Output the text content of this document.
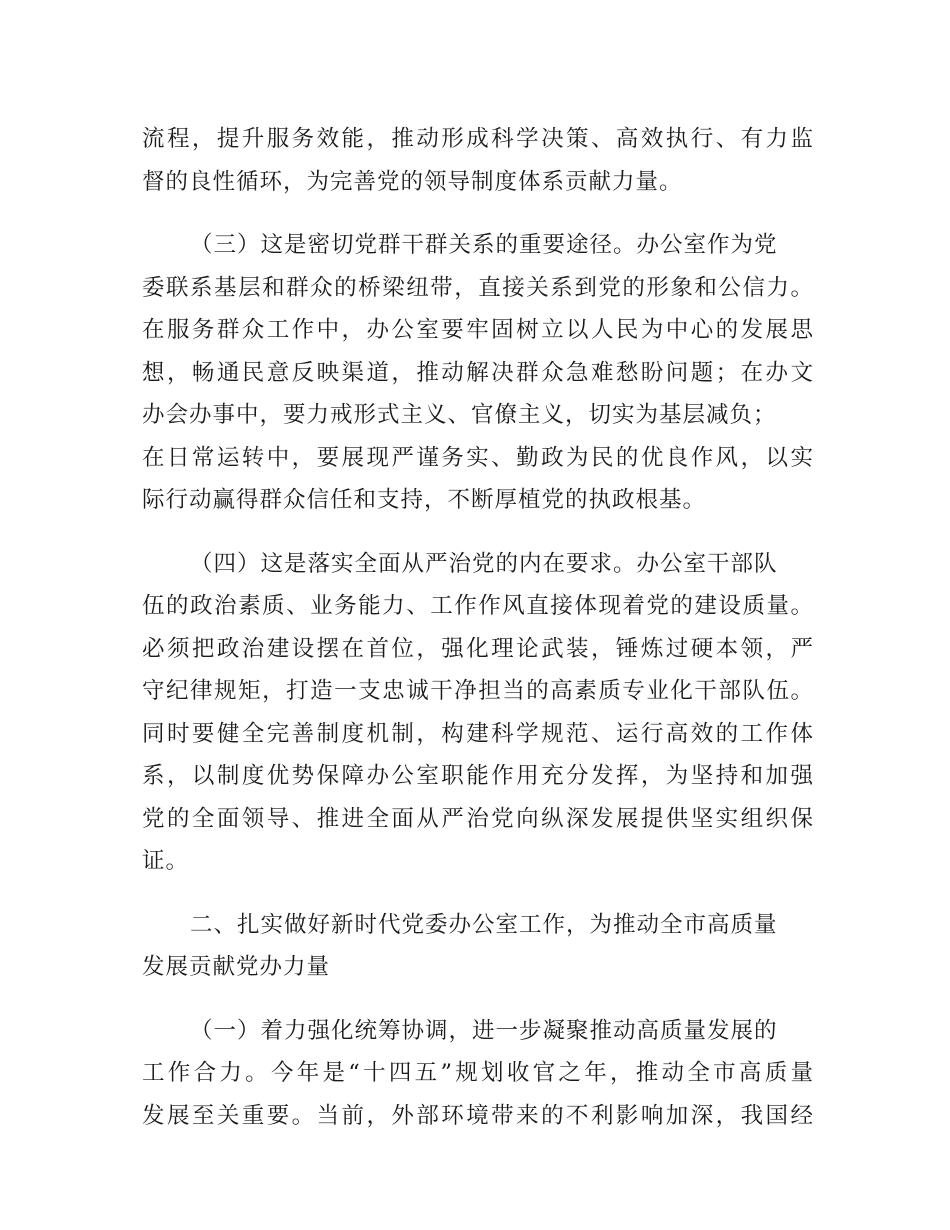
流程，提升服务效能，推动形成科学决策、高效执行、有力监
督的良性循环，为完善党的领导制度体系贡献力量。
（三）这是密切党群干群关系的重要途径。办公室作为党
委联系基层和群众的桥梁纽带，直接关系到党的形象和公信力。
在服务群众工作中，办公室要牢固树立以人民为中心的发展思
想，畅通民意反映渠道，推动解决群众急难愁盼问题；在办文
办会办事中，要力戒形式主义、官僚主义，切实为基层减负；
在日常运转中，要展现严谨务实、勤政为民的优良作风，以实
际行动赢得群众信任和支持，不断厚植党的执政根基。
（四）这是落实全面从严治党的内在要求。办公室干部队
伍的政治素质、业务能力、工作作风直接体现着党的建设质量。
必须把政治建设摆在首位，强化理论武装，锤炼过硬本领，严
守纪律规矩，打造一支忠诚干净担当的高素质专业化干部队伍。
同时要健全完善制度机制，构建科学规范、运行高效的工作体
系，以制度优势保障办公室职能作用充分发挥，为坚持和加强
党的全面领导、推进全面从严治党向纵深发展提供坚实组织保
证。
二、扎实做好新时代党委办公室工作，为推动全市高质量
发展贡献党办力量
（一）着力强化统筹协调，进一步凝聚推动高质量发展的
工作合力。今年是“十四五”规划收官之年，推动全市高质量
发展至关重要。当前，外部环境带来的不利影响加深，我国经
